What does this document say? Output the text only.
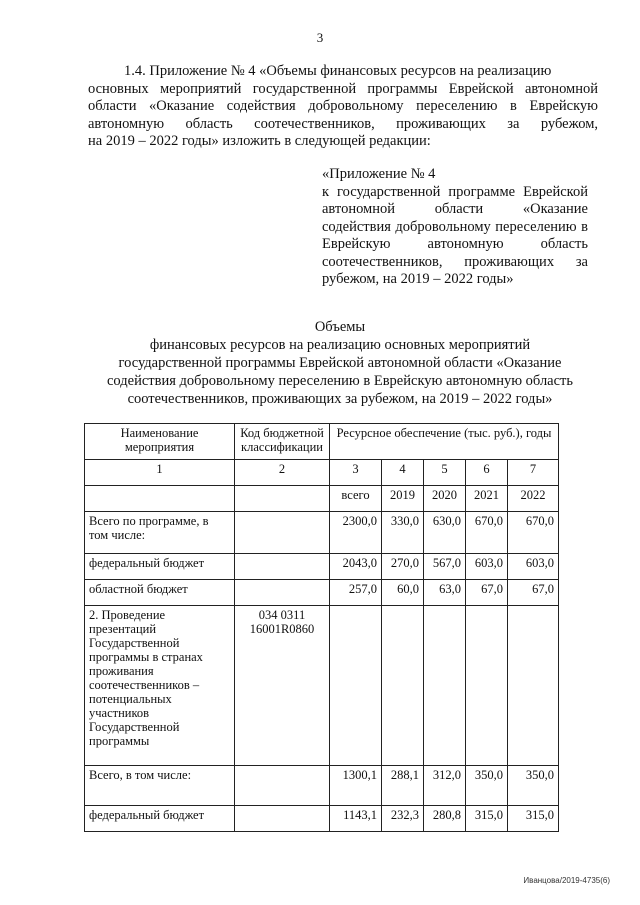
3
1.4. Приложение № 4 «Объемы финансовых ресурсов на реализацию
основных мероприятий государственной программы Еврейской автономной
области «Оказание содействия добровольному переселению в Еврейскую
автономную область соотечественников, проживающих за рубежом,
на 2019 – 2022 годы» изложить в следующей редакции:
«Приложение № 4
к государственной программе Еврейской автономной области «Оказание содействия добровольному переселению в Еврейскую автономную область соотечественников, проживающих за рубежом, на 2019 – 2022 годы»
Объемы
финансовых ресурсов на реализацию основных мероприятий
государственной программы Еврейской автономной области «Оказание
содействия добровольному переселению в Еврейскую автономную область
соотечественников, проживающих за рубежом, на 2019 – 2022 годы»
Наименование мероприятия	Код бюджетной классификации	Ресурсное обеспечение (тыс. руб.), годы				
1	2	3	4	5	6	7
		всего	2019	2020	2021	2022
Всего по программе, в том числе:		2300,0	330,0	630,0	670,0	670,0
федеральный бюджет		2043,0	270,0	567,0	603,0	603,0
областной бюджет		257,0	60,0	63,0	67,0	67,0
2. Проведение презентаций Государственной программы в странах проживания соотечественников – потенциальных участников Государственной программы	034 0311 16001R0860					
Всего, в том числе:		1300,1	288,1	312,0	350,0	350,0
федеральный бюджет		1143,1	232,3	280,8	315,0	315,0
Иванцова/2019-4735(6)
